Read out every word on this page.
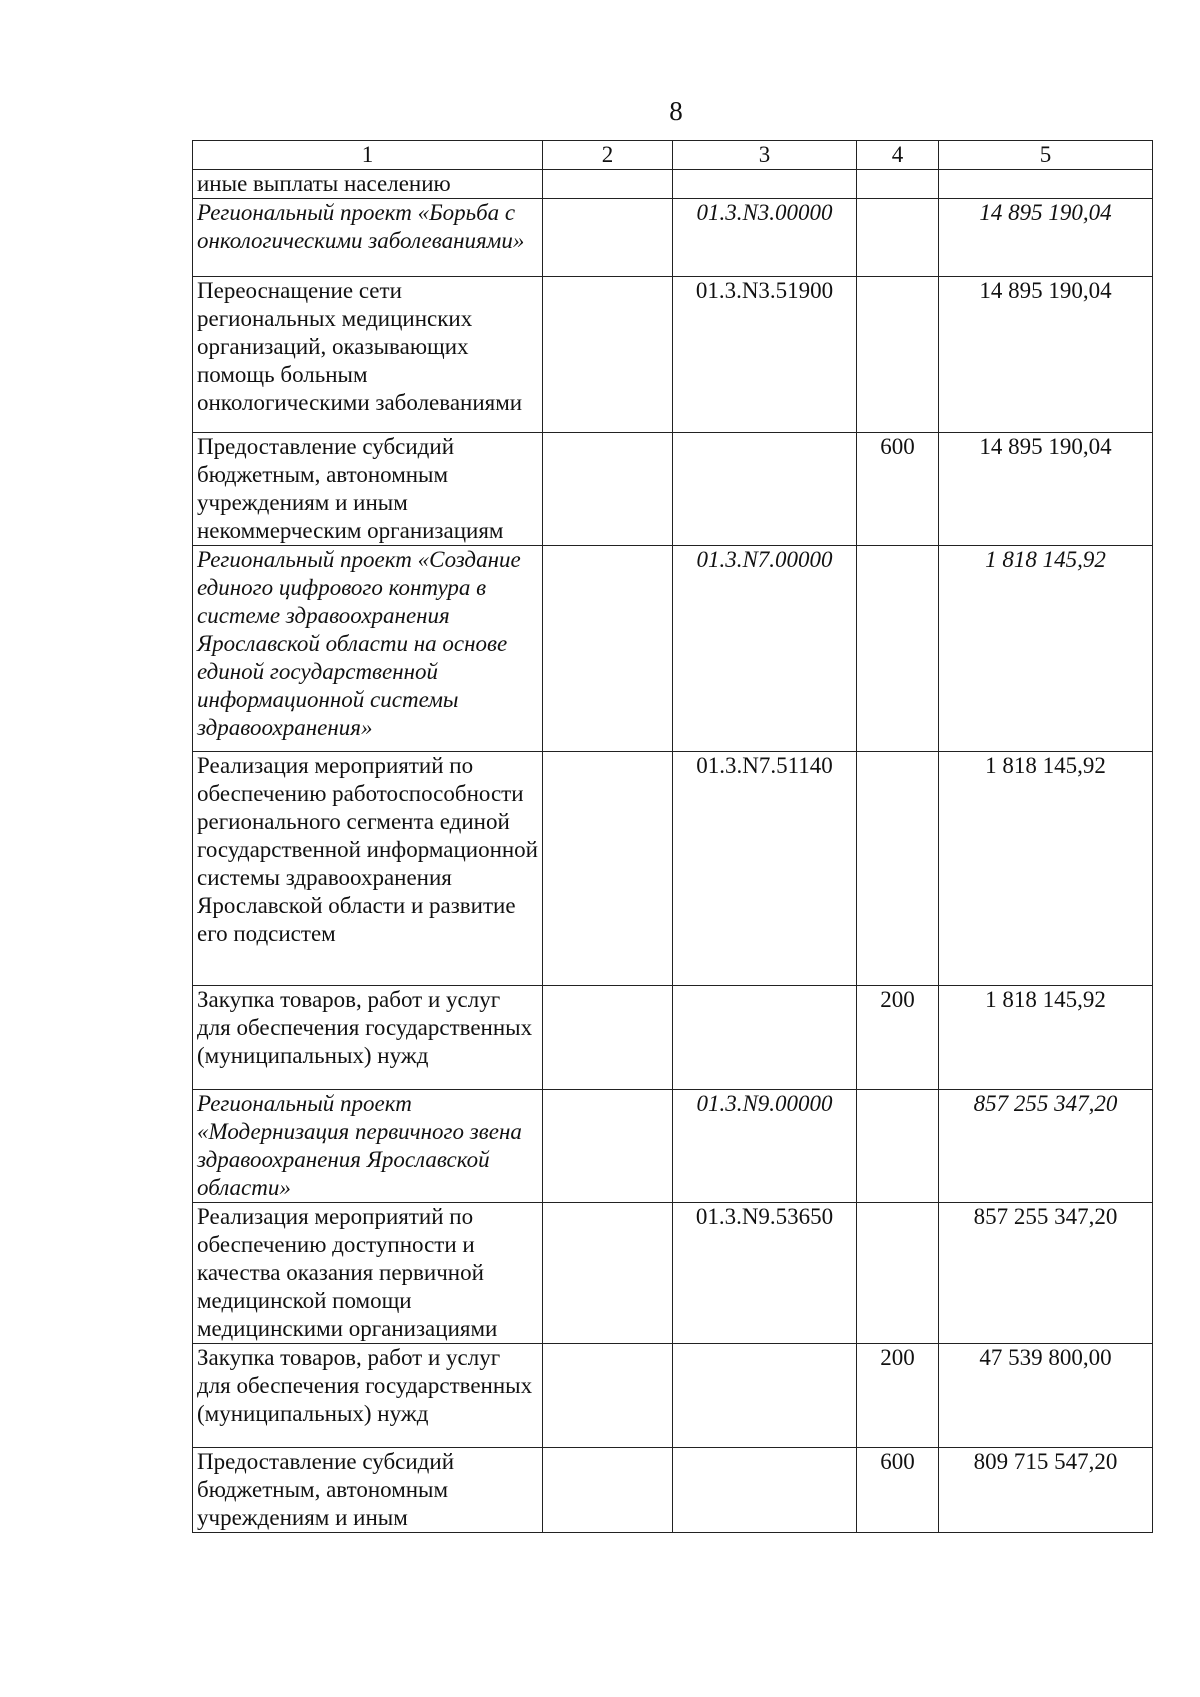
8
1	2	3	4	5
иные выплаты населению				
Региональный проект «Борьба с онкологическими заболеваниями»		01.3.N3.00000		14 895 190,04
Переоснащение сети региональных медицинских организаций, оказывающих помощь больным онкологическими заболеваниями		01.3.N3.51900		14 895 190,04
Предоставление субсидий бюджетным, автономным учреждениям и иным некоммерческим организациям			600	14 895 190,04
Региональный проект «Создание единого цифрового контура в системе здравоохранения Ярославской области на основе единой государственной информационной системы здравоохранения»		01.3.N7.00000		1 818 145,92
Реализация мероприятий по обеспечению работоспособности регионального сегмента единой государственной информационной системы здравоохранения Ярославской области и развитие его подсистем		01.3.N7.51140		1 818 145,92
Закупка товаров, работ и услуг для обеспечения государственных (муниципальных) нужд			200	1 818 145,92
Региональный проект «Модернизация первичного звена здравоохранения Ярославской области»		01.3.N9.00000		857 255 347,20
Реализация мероприятий по обеспечению доступности и качества оказания первичной медицинской помощи медицинскими организациями		01.3.N9.53650		857 255 347,20
Закупка товаров, работ и услуг для обеспечения государственных (муниципальных) нужд			200	47 539 800,00
Предоставление субсидий бюджетным, автономным учреждениям и иным			600	809 715 547,20
